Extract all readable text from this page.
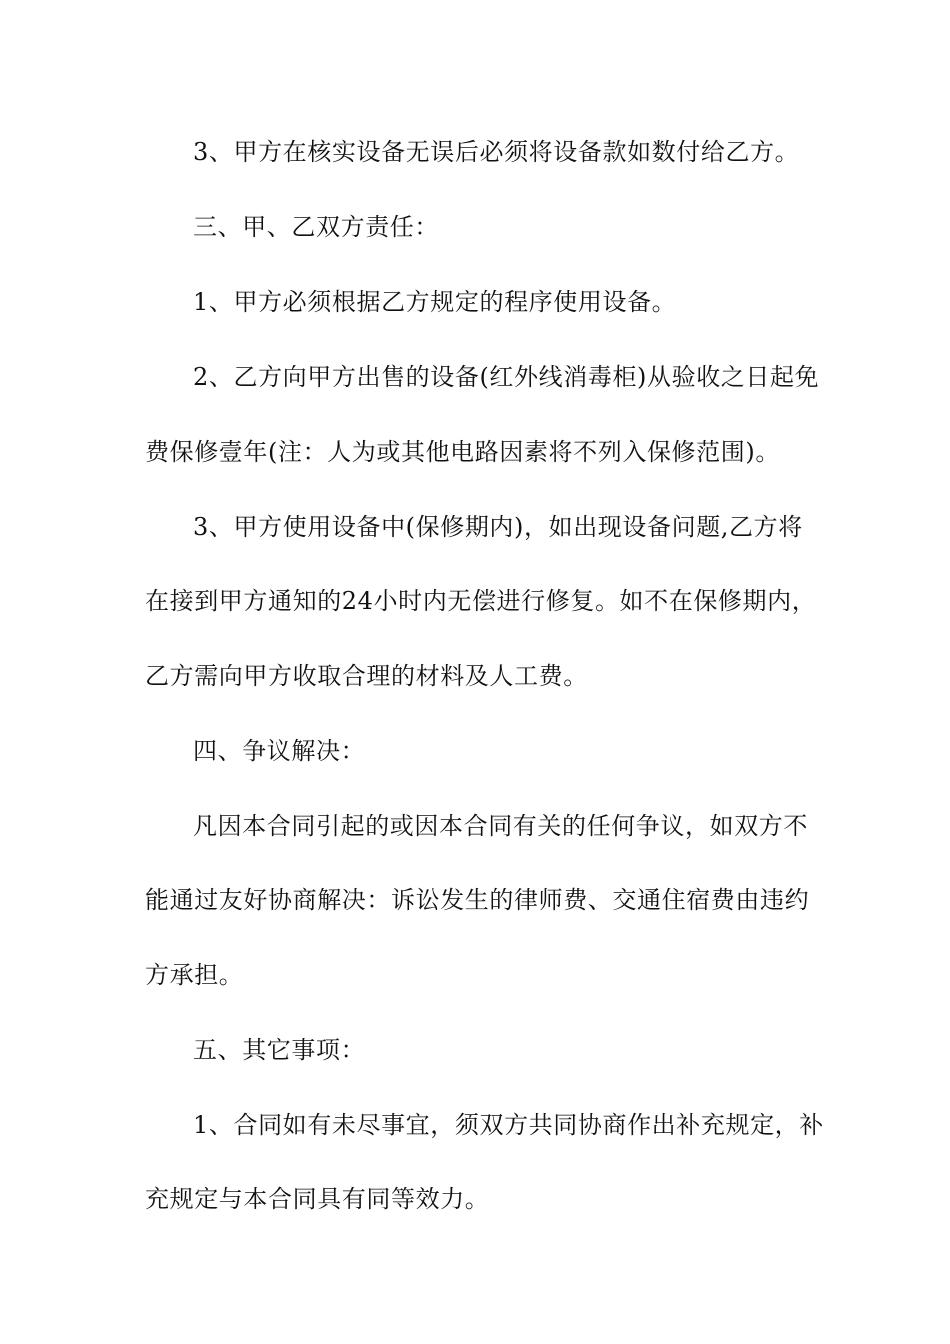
3、甲方在核实设备无误后必须将设备款如数付给乙方。
三、甲、乙双方责任：
1、甲方必须根据乙方规定的程序使用设备。
2、乙方向甲方出售的设备(红外线消毒柜)从验收之日起免
费保修壹年(注：人为或其他电路因素将不列入保修范围)。
3、甲方使用设备中(保修期内)，如出现设备问题,乙方将
在接到甲方通知的24小时内无偿进行修复。如不在保修期内，
乙方需向甲方收取合理的材料及人工费。
四、争议解决：
凡因本合同引起的或因本合同有关的任何争议，如双方不
能通过友好协商解决：诉讼发生的律师费、交通住宿费由违约
方承担。
五、其它事项：
1、合同如有未尽事宜，须双方共同协商作出补充规定，补
充规定与本合同具有同等效力。
